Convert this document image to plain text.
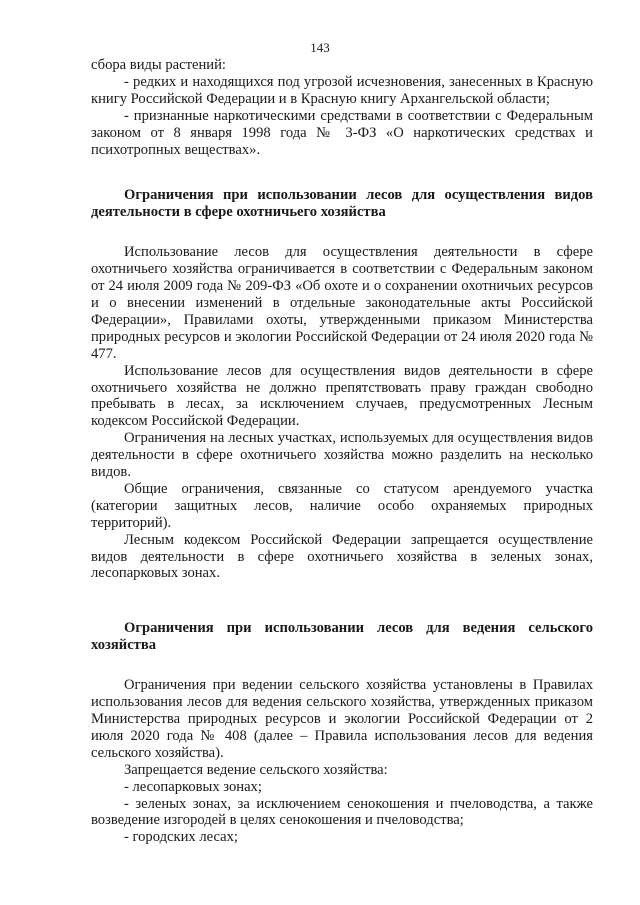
143

сбора виды растений:

- редких и находящихся под угрозой исчезновения, занесенных в Красную книгу Российской Федерации и в Красную книгу Архангельской области;

- признанные наркотическими средствами в соответствии с Федеральным законом от 8 января 1998 года № 3-ФЗ «О наркотических средствах и психотропных веществах».

Ограничения при использовании лесов для осуществления видов деятельности в сфере охотничьего хозяйства

Использование лесов для осуществления деятельности в сфере охотничьего хозяйства ограничивается в соответствии с Федеральным законом от 24 июля 2009 года № 209-ФЗ «Об охоте и о сохранении охотничьих ресурсов и о внесении изменений в отдельные законодательные акты Российской Федерации», Правилами охоты, утвержденными приказом Министерства природных ресурсов и экологии Российской Федерации от 24 июля 2020 года № 477.

Использование лесов для осуществления видов деятельности в сфере охотничьего хозяйства не должно препятствовать праву граждан свободно пребывать в лесах, за исключением случаев, предусмотренных Лесным кодексом Российской Федерации.

Ограничения на лесных участках, используемых для осуществления видов деятельности в сфере охотничьего хозяйства можно разделить на несколько видов.

Общие ограничения, связанные со статусом арендуемого участка (категории защитных лесов, наличие особо охраняемых природных территорий).

Лесным кодексом Российской Федерации запрещается осуществление видов деятельности в сфере охотничьего хозяйства в зеленых зонах, лесопарковых зонах.

Ограничения при использовании лесов для ведения сельского хозяйства

Ограничения при ведении сельского хозяйства установлены в Правилах использования лесов для ведения сельского хозяйства, утвержденных приказом Министерства природных ресурсов и экологии Российской Федерации от 2 июля 2020 года № 408 (далее – Правила использования лесов для ведения сельского хозяйства).

Запрещается ведение сельского хозяйства:

- лесопарковых зонах;

- зеленых зонах, за исключением сенокошения и пчеловодства, а также возведение изгородей в целях сенокошения и пчеловодства;

- городских лесах;
